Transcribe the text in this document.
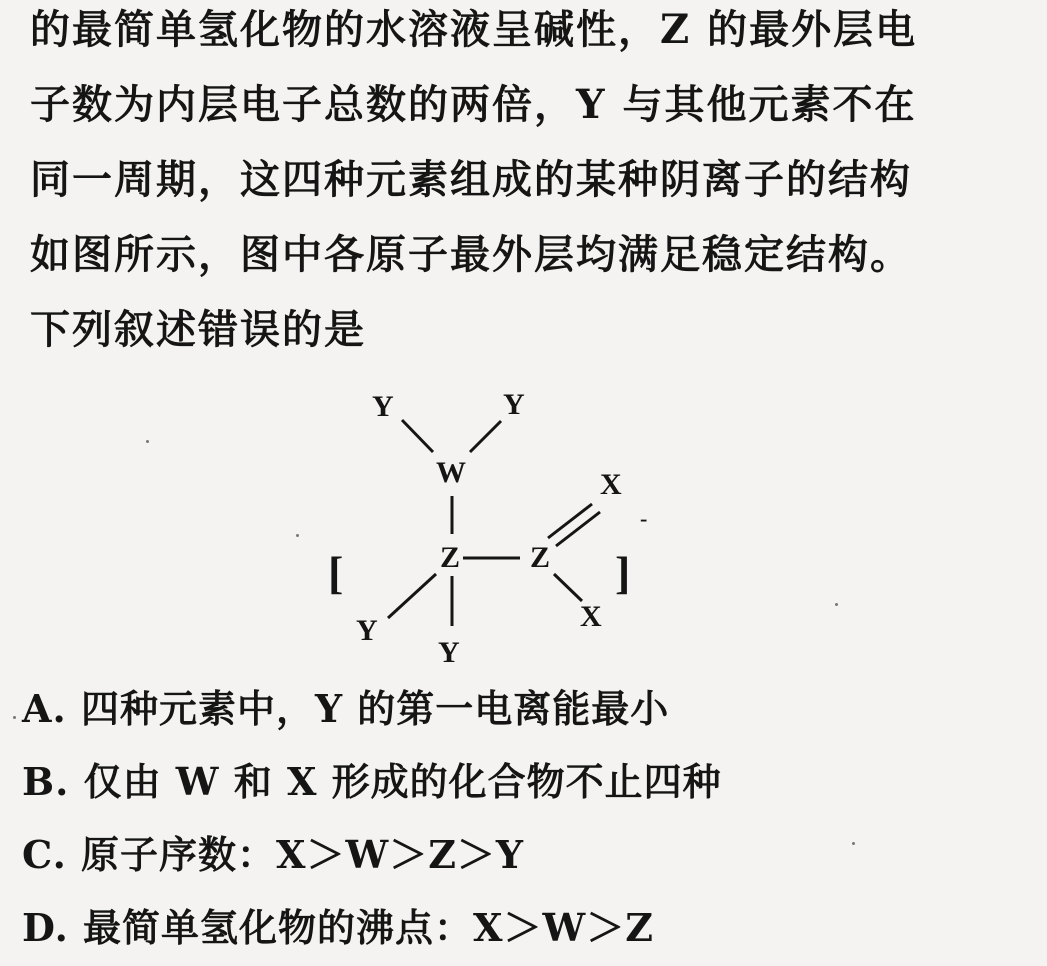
的最简单氢化物的水溶液呈碱性，Z 的最外层电
子数为内层电子总数的两倍，Y 与其他元素不在
同一周期，这四种元素组成的某种阴离子的结构
如图所示，图中各原子最外层均满足稳定结构。
下列叙述错误的是
Y	Y
W
[	Z Z
X
]
-
X
Y
Y
A. 四种元素中，Y 的第一电离能最小
B. 仅由 W 和 X 形成的化合物不止四种
C. 原子序数：X＞W＞Z＞Y
D. 最简单氢化物的沸点：X＞W＞Z
